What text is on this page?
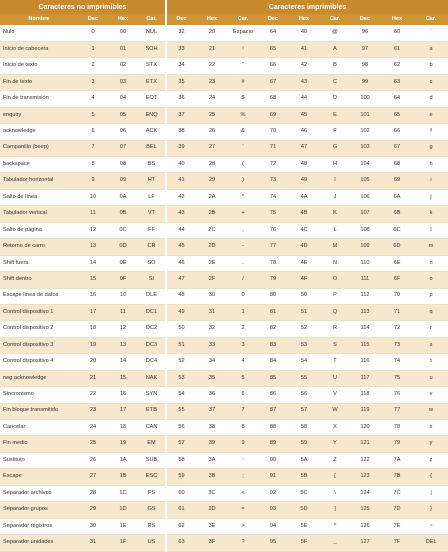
Caracteres no imprimibles				Caracteres imprimibles								
Nombre	Dec	Hex	Car.	Dec	Hex	Car.	Dec	Hex	Car.	Dec	Hex	Car.
Nulo	0	00	NUL	32	20	Espacio	64	40	@	96	60	`
Inicio de cabecera	1	01	SOH	33	21	!	65	41	A	97	61	a
Inicio de texto	2	02	STX	34	22	"	66	42	B	98	62	b
Fin de texto	3	03	ETX	35	23	#	67	43	C	99	63	c
Fin de transmisión	4	04	EOT	36	24	$	68	44	D	100	64	d
enquiry	5	05	ENQ	37	25	%	69	45	E	101	65	e
acknowledge	6	06	ACK	38	26	&	70	46	F	102	66	f
Campanilla (beep)	7	07	BEL	39	27	'	71	47	G	103	67	g
backspace	8	08	BS	40	28	(	72	48	H	104	68	h
Tabulador horizontal	9	09	HT	41	29	)	73	49	I	105	69	i
Salto de línea	10	0A	LF	42	2A	*	74	4A	J	106	6A	j
Tabulador vertical	11	0B	VT	43	2B	+	75	4B	K	107	6B	k
Salto de página	12	0C	FF	44	2C	,	76	4C	L	108	6C	l
Retorno de carro	13	0D	CR	45	2D	-	77	4D	M	109	6D	m
Shift fuera	14	0E	SO	46	2E	.	78	4E	N	110	6E	n
Shift dentro	15	0F	SI	47	2F	/	79	4F	O	111	6F	o
Escape línea de datos	16	10	DLE	48	30	0	80	50	P	112	70	p
Control dispositivo 1	17	11	DC1	49	31	1	81	51	Q	113	71	q
Control dispositivo 2	18	12	DC2	50	32	2	82	52	R	114	72	r
Control dispositivo 3	19	13	DC3	51	33	3	83	53	S	115	73	s
Control dispositivo 4	20	14	DC4	52	34	4	84	54	T	116	74	t
neg acknowledge	21	15	NAK	53	35	5	85	55	U	117	75	u
Sincronismo	22	16	SYN	54	36	6	86	56	V	118	76	v
Fin bloque transmitido	23	17	ETB	55	37	7	87	57	W	119	77	w
Cancelar	24	18	CAN	56	38	8	88	58	X	120	78	x
Fin medio	25	19	EM	57	39	9	89	59	Y	121	79	y
Sustituto	26	1A	SUB	58	3A	:	90	5A	Z	122	7A	z
Escape	27	1B	ESC	59	3B	;	91	5B	[	123	7B	{
Separador archivos	28	1C	FS	60	3C	<	92	5C	\	124	7C	|
Separador grupos	29	1D	GS	61	3D	=	93	5D	]	125	7D	}
Separador registros	30	1E	RS	62	3E	>	94	5E	^	126	7E	~
Separador unidades	31	1F	US	63	3F	?	95	5F	_	127	7F	DEL
